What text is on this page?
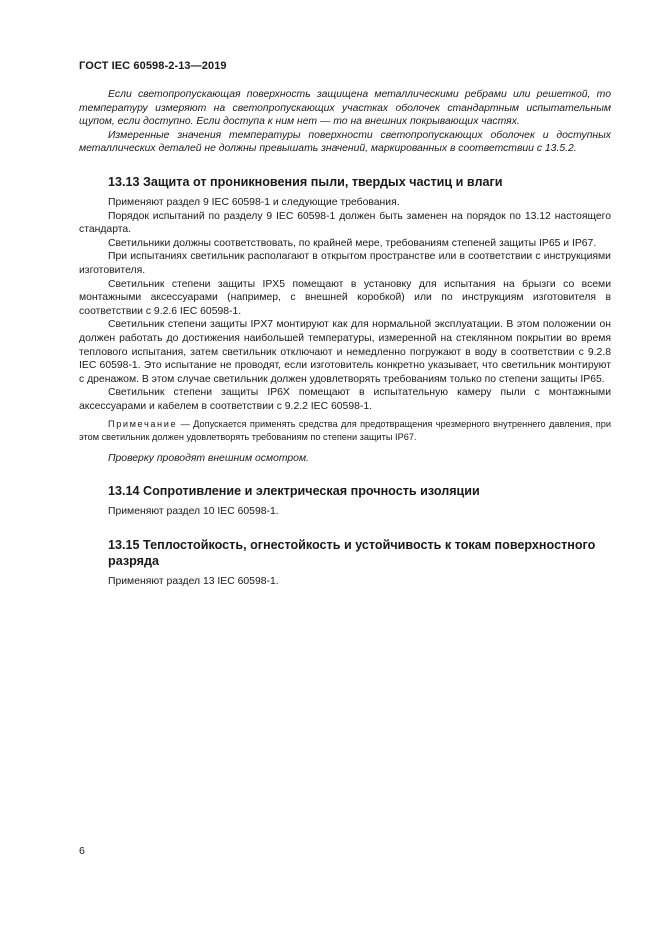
ГОСТ IEC 60598-2-13—2019

Если светопропускающая поверхность защищена металлическими ребрами или решеткой, то температуру измеряют на светопропускающих участках оболочек стандартным испытательным щупом, если доступно. Если доступа к ним нет — то на внешних покрывающих частях.

Измеренные значения температуры поверхности светопропускающих оболочек и доступных металлических деталей не должны превышать значений, маркированных в соответствии с 13.5.2.

13.13 Защита от проникновения пыли, твердых частиц и влаги

Применяют раздел 9 IEC 60598-1 и следующие требования.

Порядок испытаний по разделу 9 IEC 60598-1 должен быть заменен на порядок по 13.12 настоящего стандарта.

Светильники должны соответствовать, по крайней мере, требованиям степеней защиты IP65 и IP67.

При испытаниях светильник располагают в открытом пространстве или в соответствии с инструкциями изготовителя.

Светильник степени защиты IPX5 помещают в установку для испытания на брызги со всеми монтажными аксессуарами (например, с внешней коробкой) или по инструкциям изготовителя в соответствии с 9.2.6 IEC 60598-1.

Светильник степени защиты IPX7 монтируют как для нормальной эксплуатации. В этом положении он должен работать до достижения наибольшей температуры, измеренной на стеклянном покрытии во время теплового испытания, затем светильник отключают и немедленно погружают в воду в соответствии с 9.2.8 IEC 60598-1. Это испытание не проводят, если изготовитель конкретно указывает, что светильник монтируют с дренажом. В этом случае светильник должен удовлетворять требованиям только по степени защиты IP65.

Светильник степени защиты IP6X помещают в испытательную камеру пыли с монтажными аксессуарами и кабелем в соответствии с 9.2.2 IEC 60598-1.

Примечание — Допускается применять средства для предотвращения чрезмерного внутреннего давления, при этом светильник должен удовлетворять требованиям по степени защиты IP67.

Проверку проводят внешним осмотром.

13.14 Сопротивление и электрическая прочность изоляции

Применяют раздел 10 IEC 60598-1.

13.15 Теплостойкость, огнестойкость и устойчивость к токам поверхностного разряда

Применяют раздел 13 IEC 60598-1.

6
